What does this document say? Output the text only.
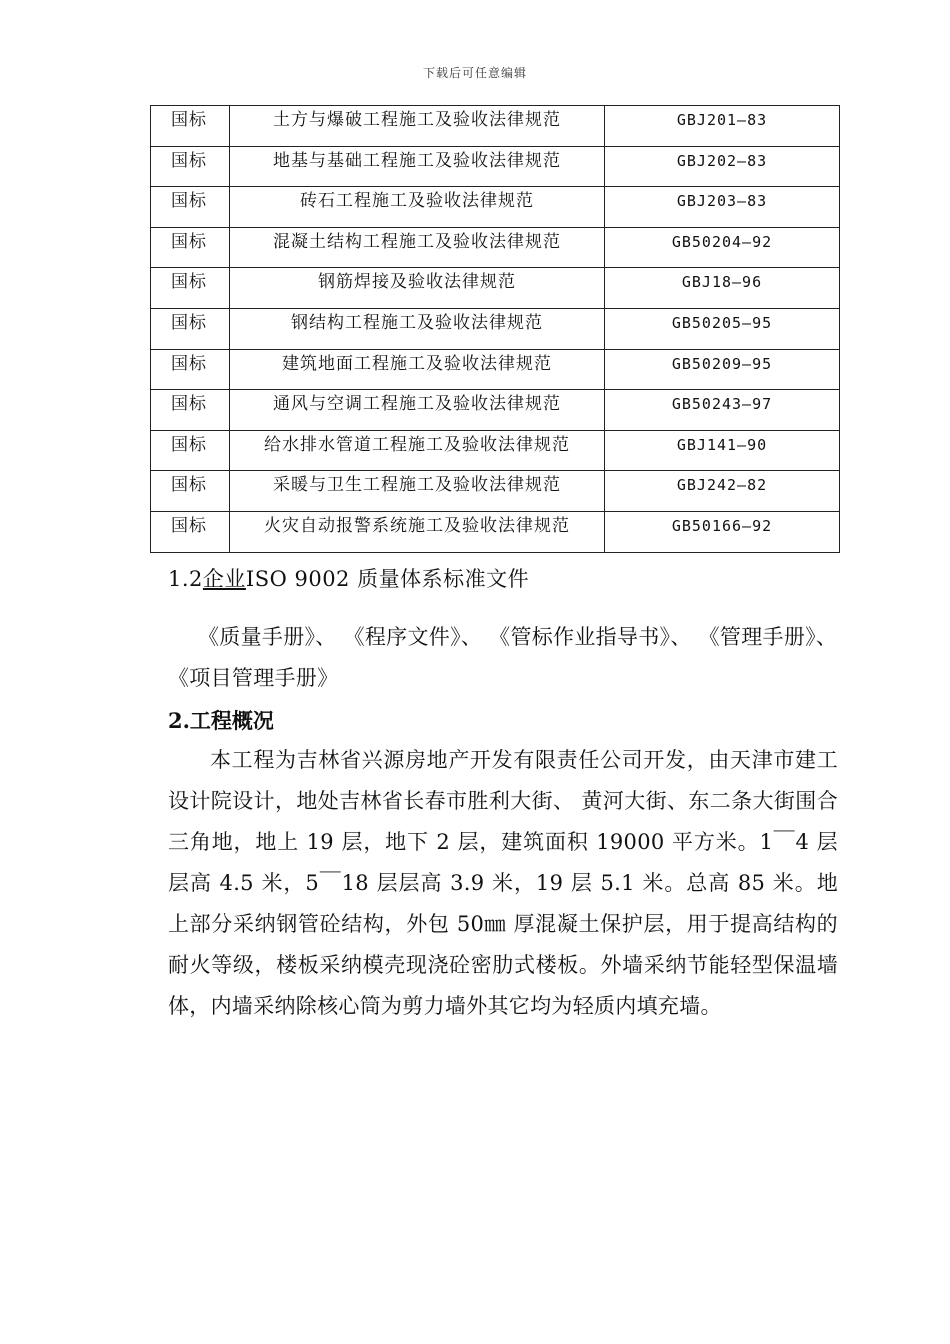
下载后可任意编辑
国标	土方与爆破工程施工及验收法律规范	GBJ201—83
国标	地基与基础工程施工及验收法律规范	GBJ202—83
国标	砖石工程施工及验收法律规范	GBJ203—83
国标	混凝土结构工程施工及验收法律规范	GB50204—92
国标	钢筋焊接及验收法律规范	GBJ18—96
国标	钢结构工程施工及验收法律规范	GB50205—95
国标	建筑地面工程施工及验收法律规范	GB50209—95
国标	通风与空调工程施工及验收法律规范	GB50243—97
国标	给水排水管道工程施工及验收法律规范	GBJ141—90
国标	采暖与卫生工程施工及验收法律规范	GBJ242—82
国标	火灾自动报警系统施工及验收法律规范	GB50166—92
1.2企业ISO 9002 质量体系标准文件

《质量手册》、 《程序文件》、 《管标作业指导书》、 《管理手册》、 《项目管理手册》

2.工程概况

本工程为吉林省兴源房地产开发有限责任公司开发，由天津市建工设计院设计，地处吉林省长春市胜利大街、 黄河大街、东二条大街围合三角地，地上 19 层，地下 2 层，建筑面积 19000 平方米。1￣4 层层高 4.5 米，5￣18 层层高 3.9 米，19 层 5.1 米。总高 85 米。地上部分采纳钢管砼结构，外包 50㎜ 厚混凝土保护层，用于提高结构的耐火等级，楼板采纳模壳现浇砼密肋式楼板。外墙采纳节能轻型保温墙体，内墙采纳除核心筒为剪力墙外其它均为轻质内填充墙。
